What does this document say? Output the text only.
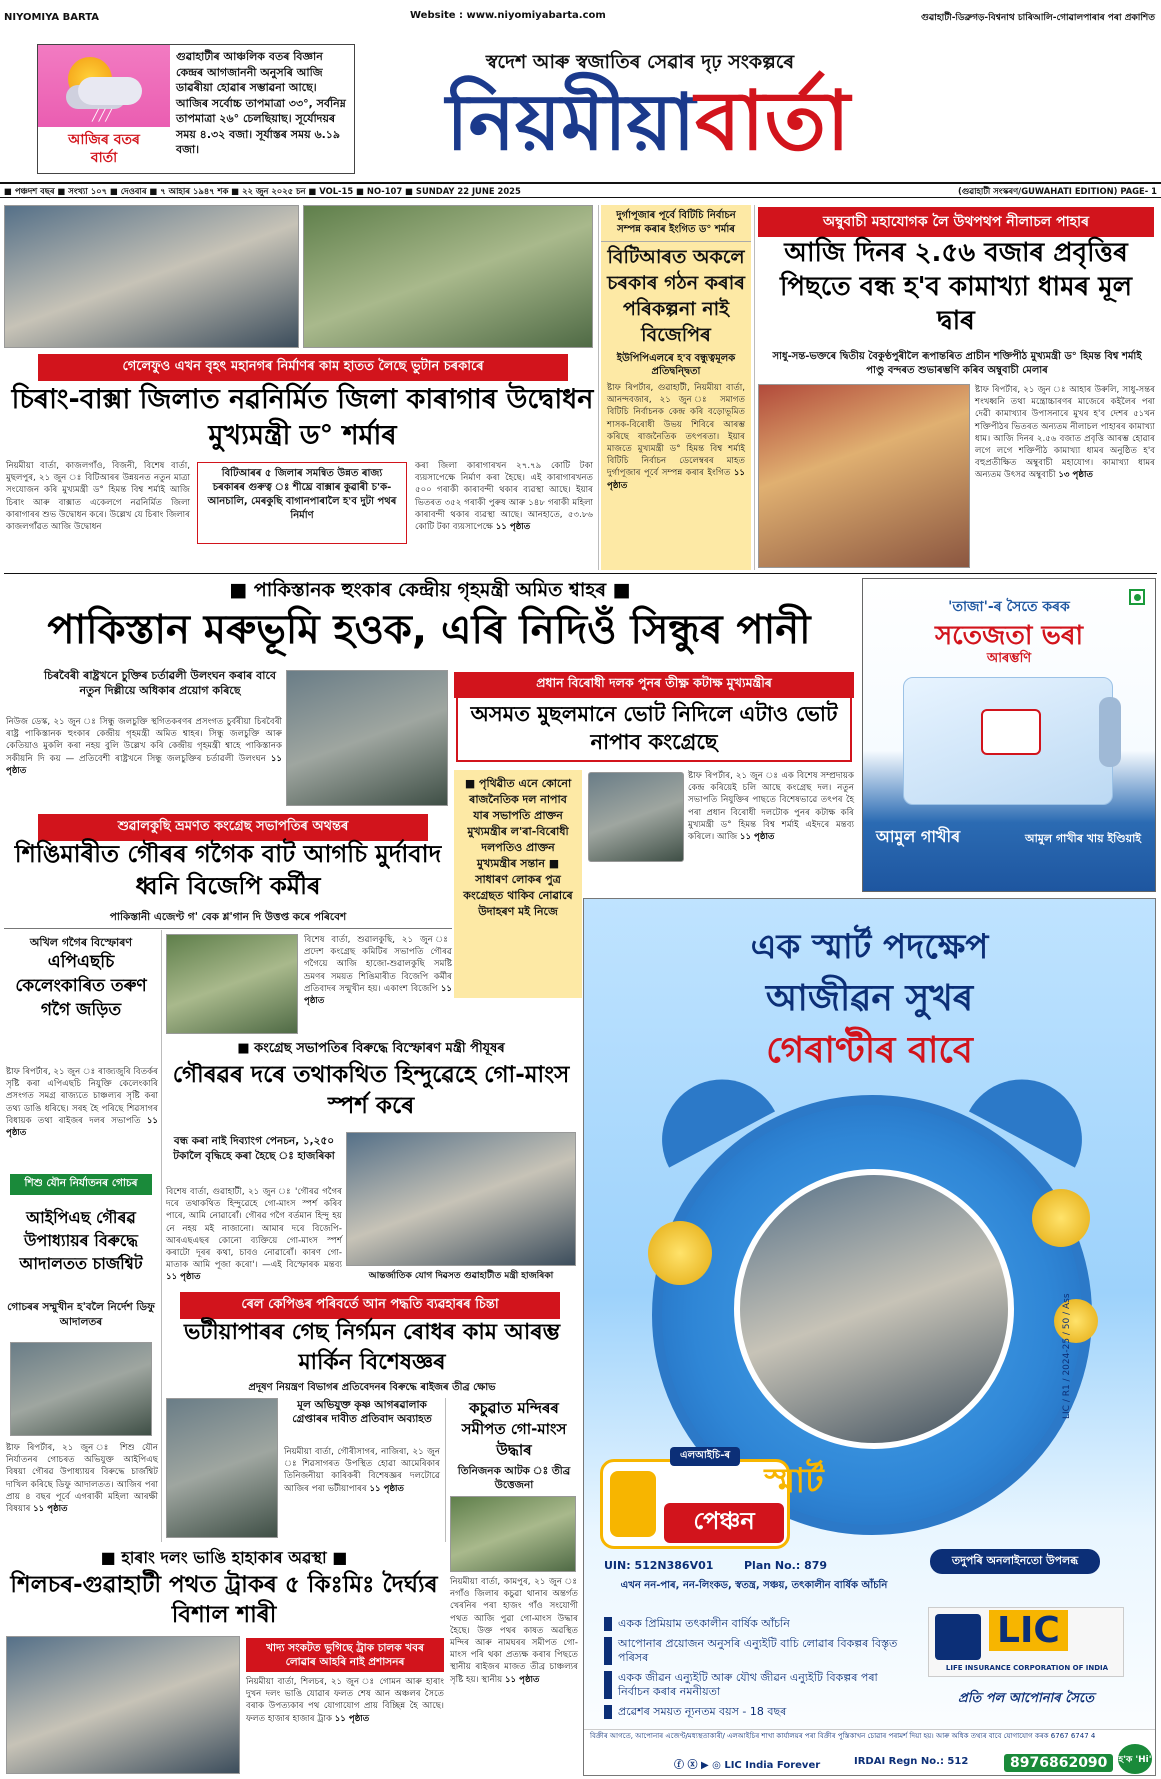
NIYOMIYA BARTA	Website : www.niyomiyabarta.com	গুৱাহাটী-ডিব্ৰুগড়-বিশ্বনাথ চাৰিআলি-গোৱালপাৰাৰ পৰা প্ৰকাশিত
╱╱╱
আজিৰ বতৰ বাৰ্তা
গুৱাহাটীৰ আঞ্চলিক বতৰ বিজ্ঞান কেন্দ্ৰৰ আগজাননী অনুসৰি আজি ডাৱৰীয়া হোৱাৰ সম্ভাৱনা আছে। আজিৰ সৰ্বোচ্চ তাপমাত্ৰা ৩৩°, সৰ্বনিম্ন তাপমাত্ৰা ২৬° চেলছিয়াছ। সূৰ্যোদয়ৰ সময় ৪.৩২ বজা। সূৰ্যাস্তৰ সময় ৬.১৯ বজা।
স্বদেশ আৰু স্বজাতিৰ সেৱাৰ দৃঢ় সংকল্পৰে
নিয়মীয়াবাৰ্তা
■ পঞ্চদশ বছৰ ■ সংখ্যা ১০৭ ■ দেওবাৰ ■ ৭ আহাৰ ১৯৪৭ শক ■ ২২ জুন ২০২৫ চন ■ VOL-15 ■ NO-107 ■ SUNDAY 22 JUNE 2025	(গুৱাহাটী সংস্কৰণ/GUWAHATI EDITION) PAGE- 1
গেলেফুও এখন বৃহৎ মহানগৰ নিৰ্মাণৰ কাম হাতত লৈছে ভুটান চৰকাৰে
চিৰাং-বাক্সা জিলাত নৱনিৰ্মিত জিলা কাৰাগাৰ উদ্বোধন মুখ্যমন্ত্ৰী ড° শৰ্মাৰ
নিয়মীয়া বাৰ্তা, কাজলগাঁও, বিজনী, বিশেষ বাৰ্তা, মুছলপুৰ, ২১ জুন ঃ বিটিআৰৰ উন্নয়নত নতুন মাত্ৰা সংযোজন কৰি মুখ্যমন্ত্ৰী ড° হিমন্ত বিশ্ব শৰ্মাই আজি চিৰাং আৰু বাক্সাত একেলগে নৱনিৰ্মিত জিলা কাৰাগাৰৰ শুভ উদ্বোধন কৰে। উল্লেখ যে চিৰাং জিলাৰ কাজলগাঁৱত আজি উদ্বোধন
বিটিআৰৰ ৫ জিলাৰ সমন্বিত উন্নত ৰাজ্য চৰকাৰৰ গুৰুত্ব ঃ শীঘ্ৰে বাক্সাৰ কুৱাৰী চ'ক-আনচালি, মেৰকুছি বাগানপাৰালৈ হ'ব দুটা পথৰ নিৰ্মাণ
কৰা জিলা কাৰাগাৰখন ২৭.৭৯ কোটি টকা ব্যয়সাপেক্ষে নিৰ্মাণ কৰা হৈছে। এই কাৰাগাৰখনত ৫০০ গৰাকী কাৰাবন্দী থকাৰ ব্যৱস্থা আছে। ইয়াৰ ভিতৰত ৩৫২ গৰাকী পুৰুষ আৰু ১৪৮ গৰাকী মহিলা কাৰাবন্দী থকাৰ ব্যৱস্থা আছে। আনহাতে, ৫৩.৮৬ কোটি টকা ব্যয়সাপেক্ষে ১১ পৃষ্ঠাত
দুৰ্গাপূজাৰ পূৰ্বে বিটিচি নিৰ্বাচন সম্পন্ন কৰাৰ ইংগিত ড° শৰ্মাৰ
বিটিআৰত অকলে চৰকাৰ গঠন কৰাৰ পৰিকল্পনা নাই বিজেপিৰ
ইউপিপিএলৰে হ'ব বন্ধুত্বমূলক প্ৰতিদ্বন্দ্বিতা
ষ্টাফ ৰিপৰ্টাৰ, গুৱাহাটী, নিয়মীয়া বাৰ্তা, আনন্দবজাৰ, ২১ জুন ঃ সমাগত বিটিচি নিৰ্বাচনক কেন্দ্ৰ কৰি বড়োভূমিত শাসক-বিৰোধী উভয় শিবিৰে আৰম্ভ কৰিছে ৰাজনৈতিক তৎপৰতা। ইয়াৰ মাজতে মুখ্যমন্ত্ৰী ড° হিমন্ত বিশ্ব শৰ্মাই বিটিচি নিৰ্বাচন ডেলেম্বৰৰ মাহত দুৰ্গাপূজাৰ পূৰ্বে সম্পন্ন কৰাৰ ইংগিত ১১ পৃষ্ঠাত
অম্বুবাচী মহাযোগক লৈ উথপথপ নীলাচল পাহাৰ
আজি দিনৰ ২.৫৬ বজাৰ প্ৰবৃত্তিৰ পিছতে বন্ধ হ'ব কামাখ্যা ধামৰ মূল দ্বাৰ
সাধু-সন্ত-ভক্তৰে দ্বিতীয় বৈকুণ্ঠপুৰীলৈ ৰূপান্তৰিত প্ৰাচীন শক্তিপীঠ মুখ্যমন্ত্ৰী ড° হিমন্ত বিশ্ব শৰ্মাই পাণ্ডু বন্দৰত শুভাৰম্ভণি কৰিব অম্বুবাচী মেলাৰ
ষ্টাফ ৰিপৰ্টাৰ, ২১ জুন ঃ আহাৰ উৰুলি, সাধু-সন্তৰ শংখধ্বনি তথা মন্ত্ৰোচ্চাৰণৰ মাজেৰে কইলৈৰ পৰা দেৱী কামাখ্যাৰ উপাসনাৰে মুখৰ হ'ব দেশৰ ৫১খন শক্তিপীঠৰ ভিতৰত অন্যতম নীলাচল পাহাৰৰ কামাখ্যা ধাম। আজি দিনৰ ২.৫৬ বজাত প্ৰবৃত্তি আৰম্ভ হোৱাৰ লগে লগে শক্তিপীঠ কামাখ্যা ধামৰ অনুষ্ঠিত হ'ব বহুপ্ৰতীক্ষিত অম্বুবাচী মহাযোগ। কামাখ্যা ধামৰ অন্যতম উৎসৱ অম্বুবাচী ১৩ পৃষ্ঠাত
■ পাকিস্তানক হুংকাৰ কেন্দ্ৰীয় গৃহমন্ত্ৰী অমিত শ্বাহৰ ■
পাকিস্তান মৰুভূমি হওক, এৰি নিদিওঁ সিন্ধুৰ পানী
চিৰবৈৰী ৰাষ্ট্ৰখনে চুক্তিৰ চৰ্তাৱলী উলংঘন কৰাৰ বাবে নতুন দিল্লীয়ে অধিকাৰ প্ৰয়োগ কৰিছে
নিউজ ডেস্ক, ২১ জুন ঃ সিন্ধু জলচুক্তি স্থগিতকৰণৰ প্ৰসংগত চুৰ্বৰীয়া চিৰবৈৰী ৰাষ্ট্ৰ পাকিস্তানক হুংকাৰ কেন্দ্ৰীয় গৃহমন্ত্ৰী অমিত শ্বাহৰ। সিন্ধু জলচুক্তি আৰু কেতিয়াও মুকলি কৰা নহয় বুলি উল্লেখ কৰি কেন্দ্ৰীয় গৃহমন্ত্ৰী শ্বাহে পাকিস্তানক সকীয়নি দি কয় — প্ৰতিবেশী ৰাষ্ট্ৰখনে সিন্ধু জলচুক্তিৰ চৰ্তাৱলী উলংঘন ১১ পৃষ্ঠাত
প্ৰধান বিৰোধী দলক পুনৰ তীক্ষ্ণ কটাক্ষ মুখ্যমন্ত্ৰীৰ
অসমত মুছলমানে ভোট নিদিলে এটাও ভোট নাপাব কংগ্ৰেছে
■ পৃথিৱীত এনে কোনো ৰাজনৈতিক দল নাপাব যাৰ সভাপতি প্ৰাক্তন মুখ্যমন্ত্ৰীৰ ল'ৰা-বিৰোধী দলপতিও প্ৰাক্তন মুখ্যমন্ত্ৰীৰ সন্তান ■ সাধাৰণ লোকৰ পুত্ৰ কংগ্ৰেছত থাকিব নোৱাৰে উদাহৰণ মই নিজে
ষ্টাফ ৰিপৰ্টাৰ, ২১ জুন ঃ এক বিশেষ সম্প্ৰদায়ক কেন্দ্ৰ কৰিয়েই চলি আছে কংগ্ৰেছ দল। নতুন সভাপতি নিযুক্তিৰ পাছতে বিশেষভাৱে তৎপৰ হৈ পৰা প্ৰধান বিৰোধী দলটোক পুনৰ কটাক্ষ কৰি মুখ্যমন্ত্ৰী ড° হিমন্ত বিশ্ব শৰ্মাই এইদৰে মন্তব্য কৰিলে। আজি ১১ পৃষ্ঠাত
'তাজা'-ৰ সৈতে কৰক
সতেজতা ভৰা
আৰম্ভণি
আমুল গাখীৰ	আমুল গাখীৰ খায় ইণ্ডিয়াই
শুৱালকুছি ভ্ৰমণত কংগ্ৰেছ সভাপতিৰ অথন্তৰ
শিঙিমাৰীত গৌৰৰ গগৈক বাট আগচি মুৰ্দাবাদ ধ্বনি বিজেপি কৰ্মীৰ
পাকিস্তানী এজেণ্ট গ' বেক শ্ল'গান দি উত্তপ্ত কৰে পৰিবেশ
অখিল গগৈৰ বিস্ফোৰণ
এপিএছচি কেলেংকাৰিত তৰুণ গগৈ জড়িত
ষ্টাফ ৰিপৰ্টাৰ, ২১ জুন ঃ ৰাজ্যজুৰি বিতৰ্কৰ সৃষ্টি কৰা এপিএছচি নিযুক্তি কেলেংকাৰি প্ৰসংগত সমগ্ৰ ৰাজ্যতে চাঞ্চল্যৰ সৃষ্টি কৰা তথ্য ডাঙি ধৰিছে। সৰহ হৈ পৰিছে শিৱসাগৰ বিধায়ক তথা ৰাইজৰ দলৰ সভাপতি ১১ পৃষ্ঠাত
শিশু যৌন নিৰ্যাতনৰ গোচৰ
আইপিএছ গৌৰৱ উপাধ্যায়ৰ বিৰুদ্ধে আদালতত চাৰ্জশ্বিট
গোচৰৰ সম্মুখীন হ'বলৈ নিৰ্দেশ ডিফু আদালতৰ
ষ্টাফ ৰিপৰ্টাৰ, ২১ জুন ঃ শিশু যৌন নিৰ্যাতনৰ গোচৰত অভিযুক্ত আইপিএছ বিষয়া গৌৰৱ উপাধ্যায়ৰ বিৰুদ্ধে চাৰ্জশ্বিট দাখিল কৰিছে ডিফু আদালতত। আজিৰ পৰা প্ৰায় ৪ বছৰ পূৰ্বে এগৰাকী মহিলা আৰক্ষী বিষয়াৰ ১১ পৃষ্ঠাত
বিশেষ বাৰ্তা, শুৱালকুছি, ২১ জুন ঃ প্ৰদেশ কংগ্ৰেছ কমিটিৰ সভাপতি গৌৰৱ গগৈয়ে আজি হাজো-শুৱালকুছি সমষ্টি ভ্ৰমণৰ সময়ত শিঙিমাৰীত বিজেপি কৰ্মীৰ প্ৰতিবাদৰ সন্মুখীন হয়। একাংশ বিজেপি ১১ পৃষ্ঠাত
■ কংগ্ৰেছ সভাপতিৰ বিৰুদ্ধে বিস্ফোৰণ মন্ত্ৰী পীযূষৰ
গৌৰৱৰ দৰে তথাকথিত হিন্দুৱেহে গো-মাংস স্পৰ্শ কৰে
বন্ধ কৰা নাই দিব্যাংগ পেনচন, ১,২৫০ টকালৈ বৃদ্ধিহে কৰা হৈছে ঃ হাজৰিকা
বিশেষ বাৰ্তা, গুৱাহাটী, ২১ জুন ঃ 'গৌৰৱ গগৈৰ দৰে তথাকথিত হিন্দুৱেহে গো-মাংস স্পৰ্শ কৰিব পাৰে, আমি নোৱাৰোঁ। গৌৰৱ গগৈ বৰ্তমান হিন্দু হয় নে নহয় মই নাজানো। আমাৰ দৰে বিজেপি-আৰএছএছৰ কোনো ব্যক্তিয়ে গো-মাংস স্পৰ্শ কৰাটো দূৰৰ কথা, চাবও নোৱাৰোঁ। কাৰণ গো-মাতাক আমি পূজা কৰো'। —এই বিস্ফোৰক মন্তব্য ১১ পৃষ্ঠাত	আন্তৰ্জাতিক যোগ দিৱসত গুৱাহাটীত মন্ত্ৰী হাজৰিকা
ৰেল কেপিঙৰ পৰিবৰ্তে আন পদ্ধতি ব্যৱহাৰৰ চিন্তা
ভটীয়াপাৰৰ গেছ নিৰ্গমন ৰোধৰ কাম আৰম্ভ মাৰ্কিন বিশেষজ্ঞৰ
প্ৰদূষণ নিয়ন্ত্ৰণ বিভাগৰ প্ৰতিবেদনৰ বিৰুদ্ধে ৰাইজৰ তীব্ৰ ক্ষোভ
মূল অভিযুক্ত কৃষ্ণ আগৰৱালাক গ্ৰেপ্তাৰৰ দাবীত প্ৰতিবাদ অব্যাহত
নিয়মীয়া বাৰ্তা, গৌৰীসাগৰ, নাজিৰা, ২১ জুন ঃ শিৱসাগৰত উপস্থিত হোৱা আমেৰিকাৰ তিনিজনীয়া কাৰিকৰী বিশেষজ্ঞৰ দলটোৱে আজিৰ পৰা ভটীয়াপাৰৰ ১১ পৃষ্ঠাত
কচুৱাত মন্দিৰৰ সমীপত গো-মাংস উদ্ধাৰ
তিনিজনক আটক ঃ তীব্ৰ উত্তেজনা
নিয়মীয়া বাৰ্তা, কামপুৰ, ২১ জুন ঃ নগাঁও জিলাৰ কচুৱা থানাৰ অন্তৰ্গত খেৰনিৰ পৰা হাজং গাঁও সংযোগী পথত আজি পুৱা গো-মাংস উদ্ধাৰ হৈছে। উক্ত পথৰ কাষত অৱস্থিত মন্দিৰ আৰু নামঘৰৰ সমীপত গো-মাংস পৰি থকা প্ৰত্যক্ষ কৰাৰ পিছতে স্থানীয় ৰাইজৰ মাজত তীব্ৰ চাঞ্চল্যৰ সৃষ্টি হয়। স্থানীয় ১১ পৃষ্ঠাত
■ হাৰাং দলং ভাঙি হাহাকাৰ অৱস্থা ■
শিলচৰ-গুৱাহাটী পথত ট্ৰাকৰ ৫ কিঃমিঃ দৈৰ্ঘ্যৰ বিশাল শাৰী
খাদ্য সংকটত ভুগিছে ট্ৰাক চালক খবৰ লোৱাৰ আহৰি নাই প্ৰশাসনৰ
নিয়মীয়া বাৰ্তা, শিলচৰ, ২১ জুন ঃ গোমন আৰু হাৰাং দুখন দলং ভাঙি যোৱাৰ ফলত শেষ আন অঞ্চলৰ সৈতে বৰাক উপত্যকাৰ পথ যোগাযোগ প্ৰায় বিচ্ছিন্ন হৈ আছে। ফলত হাজাৰ হাজাৰ ট্ৰাক ১১ পৃষ্ঠাত
এক স্মাৰ্ট পদক্ষেপ
আজীৱন সুখৰ
গেৰাণ্টীৰ বাবে
এলআইচি-ৰ
স্মাৰ্ট
পেঞ্চন
UIN: 512N386V01	Plan No.: 879	তদুপৰি অনলাইনতো উপলব্ধ
এখন নন-পাৰ, নন-লিংকড, স্বতন্ত্ৰ, সঞ্চয়, তৎকালীন বাৰ্ষিক আঁচনি
একক প্ৰিমিয়াম তৎকালীন বাৰ্ষিক আঁচনি
আপোনাৰ প্ৰয়োজন অনুসৰি এন্যুইটি বাচি লোৱাৰ বিকল্পৰ বিস্তৃত পৰিসৰ
একক জীৱন এন্যুইটি আৰু যৌথ জীৱন এন্যুইটি বিকল্পৰ পৰা নিৰ্বাচন কৰাৰ নমনীয়তা
প্ৰৱেশৰ সময়ত ন্যূনতম বয়স - 18 বছৰ
LIC
LIFE INSURANCE CORPORATION OF INDIA
প্ৰতি পল আপোনাৰ সৈতে
LIC / R1 / 2024-25 / 50 / Ass
বিক্ৰীৰ আগতে, আপোনাৰ এজেণ্ট/মধ্যস্থতাকাৰী/ এলআইচিৰ শাখা কাৰ্যালয়ৰ পৰা বিক্ৰীৰ পুস্তিকাখন চোৱাৰ পৰামৰ্শ দিয়া হয়। আৰু অধিক তথ্যৰ বাবে যোগাযোগ কৰক 6767 6747 4
ⓕ ⓧ ▶ ◎ LIC India Forever	IRDAI Regn No.: 512	8976862090	হ'ক 'Hi'
